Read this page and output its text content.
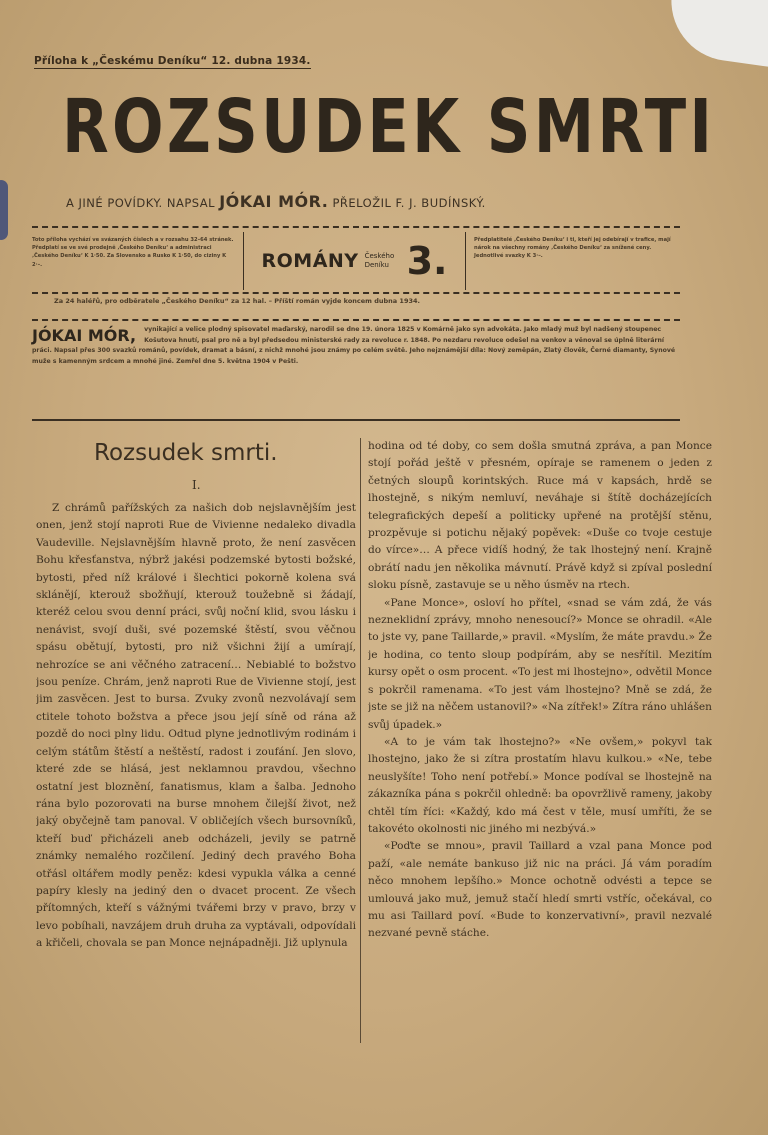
Příloha k „Českému Deníku“ 12. dubna 1934.
ROZSUDEK SMRTI
A JINÉ POVÍDKY. NAPSAL JÓKAI MÓR. PŘELOŽIL F. J. BUDÍNSKÝ.
Toto příloha vychází ve svázaných číslech a v rozsahu 32–64 stránek. Předplatí se ve své prodejně ‚Českého Deníku‘ a administraci ‚Českého Deníku‘ K 1·50. Za Slovensko a Rusko K 1·50, do ciziny K 2·–.	ROMÁNY Českého Deníku 3.	Předplatitelé ‚Českého Deníku‘ i ti, kteří jej odebírají v trafice, mají nárok na všechny romány ‚Českého Deníku‘ za snížené ceny. Jednotlivé svazky K 3·–.
Za 24 haléřů, pro odběratele „Českého Deníku“ za 12 hal. – Příští román vyjde koncem dubna 1934.
JÓKAI MÓR, vynikající a velice plodný spisovatel maďarský, narodil se dne 19. února 1825 v Komárně jako syn advokáta. Jako mladý muž byl nadšený stoupenec Košutova hnutí, psal pro ně a byl předsedou ministerské rady za revoluce r. 1848. Po nezdaru revoluce odešel na venkov a věnoval se úplně literární práci. Napsal přes 300 svazků románů, povídek, dramat a básní, z nichž mnohé jsou známy po celém světě. Jeho nejznámější díla: Nový zeměpán, Zlatý člověk, Černé diamanty, Synové muže s kamenným srdcem a mnohé jiné. Zemřel dne 5. května 1904 v Pešti.
Rozsudek smrti.
I.

Z chrámů pařížských za našich dob nejslavnějším jest onen, jenž stojí naproti Rue de Vivienne nedaleko divadla Vaudeville. Nejslavnějším hlavně proto, že není zasvěcen Bohu křesťanstva, nýbrž jakési podzemské bytosti božské, bytosti, před níž králové i šlechtici pokorně kolena svá sklánějí, kterouž sbožňují, kterouž toužebně si žádají, kteréž celou svou denní práci, svůj noční klid, svou lásku i nenávist, svojí duši, své pozemské štěstí, svou věčnou spásu obětují, bytosti, pro niž všichni žijí a umírají, nehrozíce se ani věčného zatracení… Nebiablé to božstvo jsou peníze. Chrám, jenž naproti Rue de Vivienne stojí, jest jim zasvěcen. Jest to bursa. Zvuky zvonů nezvolávají sem ctitele tohoto božstva a přece jsou její síně od rána až pozdě do noci plny lidu. Odtud plyne jednotlivým rodinám i celým státům štěstí a neštěstí, radost i zoufání. Jen slovo, které zde se hlásá, jest neklamnou pravdou, všechno ostatní jest bloznění, fanatismus, klam a šalba. Jednoho rána bylo pozorovati na burse mnohem čilejší život, než jaký obyčejně tam panoval. V obličejích všech bursovníků, kteří buď přicházeli aneb odcházeli, jevily se patrně známky nemalého rozčilení. Jediný dech pravého Boha otřásl oltářem modly peněz: kdesi vypukla válka a cenné papíry klesly na jediný den o dvacet procent. Ze všech přítomných, kteří s vážnými tvářemi brzy v pravo, brzy v levo pobíhali, navzájem druh druha za vyptávali, odpovídali a křičeli, chovala se pan Monce nejnápadněji. Již uplynula

hodina od té doby, co sem došla smutná zpráva, a pan Monce stojí pořád ještě v přesném, opíraje se ramenem o jeden z četných sloupů korintských. Ruce má v kapsách, hrdě se lhostejně, s nikým nemluví, neváhaje si štítě docházejících telegrafických depeší a politicky upřené na protější stěnu, prozpěvuje si potichu nějaký popěvek: «Duše co tvoje cestuje do vírce»… A přece vidíš hodný, že tak lhostejný není. Krajně obrátí nadu jen několika mávnutí. Právě když si zpíval poslední sloku písně, zastavuje se u něho úsměv na rtech.

«Pane Monce», osloví ho přítel, «snad se vám zdá, že vás nezneklidní zprávy, mnoho nenesoucí?» Monce se ohradil. «Ale to jste vy, pane Taillarde,» pravil. «Myslím, že máte pravdu.» Že je hodina, co tento sloup podpírám, aby se nesřítil. Mezitím kursy opět o osm procent. «To jest mi lhostejno», odvětil Monce s pokrčil ramenama. «To jest vám lhostejno? Mně se zdá, že jste se již na něčem ustanovil?» «Na zítřek!» Zítra ráno uhlášen svůj úpadek.»

«A to je vám tak lhostejno?» «Ne ovšem,» pokyvl tak lhostejno, jako že si zítra prostatím hlavu kulkou.» «Ne, tebe neuslyšíte! Toho není potřebí.» Monce podíval se lhostejně na zákazníka pána s pokrčil ohledně: ba opovržlivě rameny, jakoby chtěl tím říci: «Každý, kdo má čest v těle, musí umříti, že se takovéto okolnosti nic jiného mi nezbývá.»

«Poďte se mnou», pravil Taillard a vzal pana Monce pod paží, «ale nemáte bankuso již nic na práci. Já vám poradím něco mnohem lepšího.» Monce ochotně odvésti a tepce se umlouvá jako muž, jemuž stačí hledí smrti vstříc, očekával, co mu asi Taillard poví. «Bude to konzervativní», pravil nezvalé nezvané pevně stáche.
